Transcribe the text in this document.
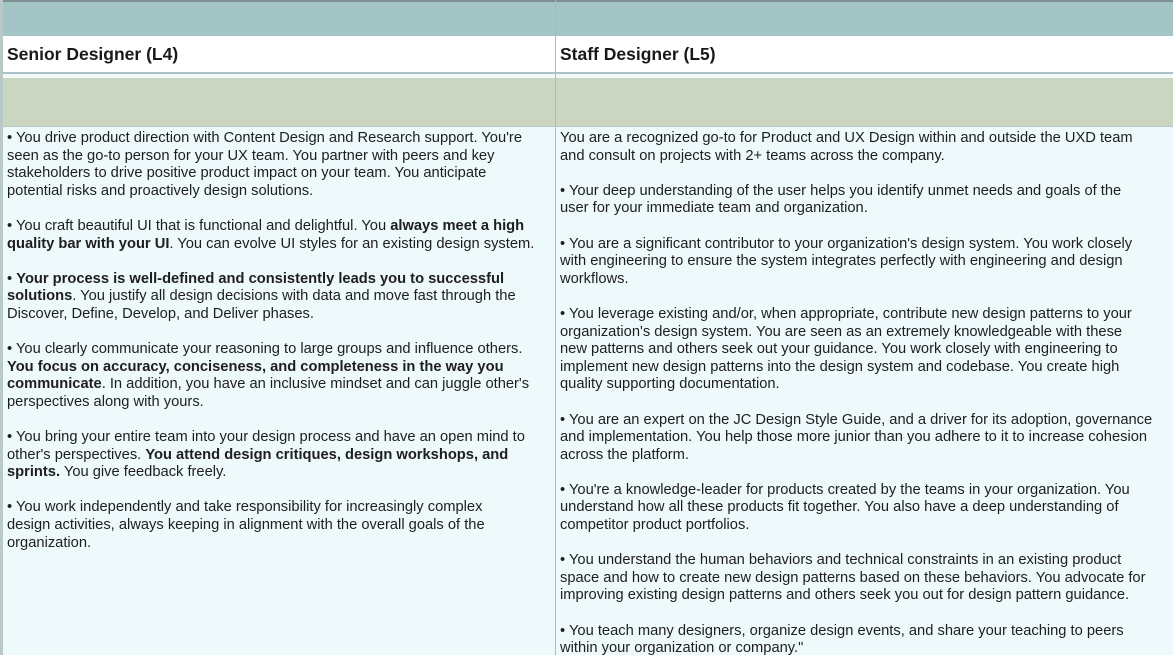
Senior Designer (L4)
• You drive product direction with Content Design and Research support. You're
seen as the go-to person for your UX team. You partner with peers and key
stakeholders to drive positive product impact on your team. You anticipate
potential risks and proactively design solutions.
• You craft beautiful UI that is functional and delightful. You always meet a high
quality bar with your UI. You can evolve UI styles for an existing design system.
• Your process is well-defined and consistently leads you to successful
solutions. You justify all design decisions with data and move fast through the
Discover, Define, Develop, and Deliver phases.
• You clearly communicate your reasoning to large groups and influence others.
You focus on accuracy, conciseness, and completeness in the way you
communicate. In addition, you have an inclusive mindset and can juggle other's
perspectives along with yours.
• You bring your entire team into your design process and have an open mind to
other's perspectives. You attend design critiques, design workshops, and
sprints. You give feedback freely.
• You work independently and take responsibility for increasingly complex
design activities, always keeping in alignment with the overall goals of the
organization.
Staff Designer (L5)
You are a recognized go-to for Product and UX Design within and outside the UXD team
and consult on projects with 2+ teams across the company.
• Your deep understanding of the user helps you identify unmet needs and goals of the
user for your immediate team and organization.
• You are a significant contributor to your organization's design system. You work closely
with engineering to ensure the system integrates perfectly with engineering and design
workflows.
• You leverage existing and/or, when appropriate, contribute new design patterns to your
organization's design system. You are seen as an extremely knowledgeable with these
new patterns and others seek out your guidance. You work closely with engineering to
implement new design patterns into the design system and codebase. You create high
quality supporting documentation.
• You are an expert on the JC Design Style Guide, and a driver for its adoption, governance
and implementation. You help those more junior than you adhere to it to increase cohesion
across the platform.
• You're a knowledge-leader for products created by the teams in your organization. You
understand how all these products fit together. You also have a deep understanding of
competitor product portfolios.
• You understand the human behaviors and technical constraints in an existing product
space and how to create new design patterns based on these behaviors. You advocate for
improving existing design patterns and others seek you out for design pattern guidance.
• You teach many designers, organize design events, and share your teaching to peers
within your organization or company."
